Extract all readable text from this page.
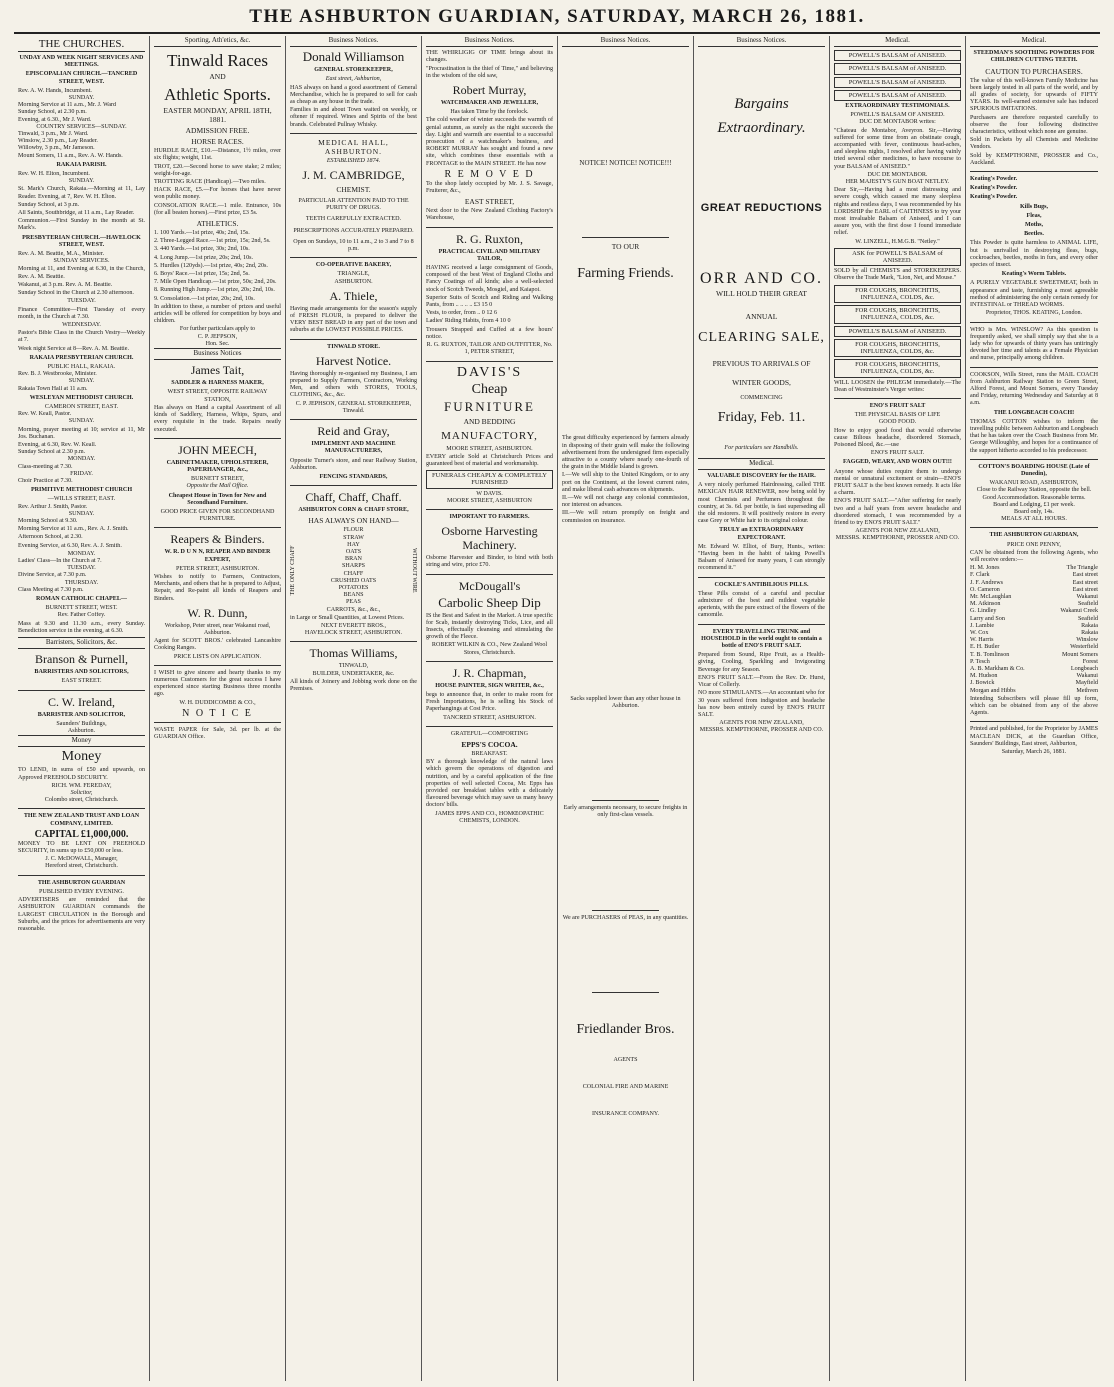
THE ASHBURTON GUARDIAN, SATURDAY, MARCH 26, 1881.
THE CHURCHES.
UNDAY AND WEEK NIGHT SERVICES AND MEETINGS.
EPISCOPALIAN CHURCH.—TANCRED STREET, WEST.
Rev. A. W. Hands, Incumbent.
SUNDAY.
Morning Service at 11 a.m., Mr. J. Ward
Sunday School, at 2.30 p.m.
Evening, at 6.30., Mr J. Ward.
COUNTRY SERVICES—SUNDAY.
Tinwald, 3 p.m., Mr J. Ward.
Winslow, 2.30 p.m., Lay Reader.
Willowby, 3 p.m., Mr Jameson.
Mount Somers, 11 a.m., Rev. A. W. Hands.
RAKAIA PARISH.
Rev. W. H. Elton, Incumbent.
SUNDAY.
St. Mark's Church, Rakaia.—Morning at 11, Lay Reader. Evening, at 7, Rev. W. H. Elton.
Sunday School, at 3 p.m.
All Saints, Southbridge, at 11 a.m., Lay Reader.
Communion.—First Sunday in the month at St. Mark's.
PRESBYTERIAN CHURCH.—HAVELOCK STREET, WEST.
Rev. A. M. Beattie, M.A., Minister.
SUNDAY SERVICES.
Morning at 11, and Evening at 6.30, in the Church, Rev. A. M. Beattie.
Wakanui, at 3 p.m. Rev. A. M. Beattie.
Sunday School in the Church at 2.30 afternoon.
TUESDAY.
Finance Committee—First Tuesday of every month, in the Church at 7.30.
WEDNESDAY.
Pastor's Bible Class in the Church Vestry—Weekly at 7.
Week night Service at 8—Rev. A. M. Beattie.
RAKAIA PRESBYTERIAN CHURCH.
PUBLIC HALL, RAKAIA.
Rev. B. J. Westbrooke, Minister.
SUNDAY.
Rakaia Town Hall at 11 a.m.
WESLEYAN METHODIST CHURCH.
CAMERON STREET, EAST.
Rev. W. Keall, Pastor.
SUNDAY.
Morning, prayer meeting at 10; service at 11, Mr Jos. Buchanan.
Evening, at 6.30, Rev. W. Keall.
Sunday School at 2.30 p.m.
MONDAY.
Class-meeting at 7.30.
FRIDAY.
Choir Practice at 7.30.
PRIMITIVE METHODIST CHURCH
—WILLS STREET, EAST.
Rev. Arthur J. Smith, Pastor.
SUNDAY.
Morning School at 9.30.
Morning Service at 11 a.m., Rev. A. J. Smith.
Afternoon School, at 2.30.
Evening Service, at 6.30, Rev. A. J. Smith.
MONDAY.
Ladies' Class—In the Church at 7.
TUESDAY.
Divine Service, at 7.30 p.m.
THURSDAY.
Class Meeting at 7.30 p.m.
ROMAN CATHOLIC CHAPEL—
BURNETT STREET, WEST.
Rev. Father Coffey.
Mass at 9.30 and 11.30 a.m., every Sunday. Benediction service in the evening, at 6.30.
Barristers, Solicitors, &c.
Branson & Purnell,
BARRISTERS AND SOLICITORS,
EAST STREET.
C. W. Ireland,
BARRISTER AND SOLICITOR,
Saunders' Buildings,
Ashburton.
Money
Money
TO LEND, in sums of £50 and upwards, on Approved FREEHOLD SECURITY.
RICH. WM. FEREDAY,
Solicitor,
Colombo street, Christchurch.
THE NEW ZEALAND TRUST AND LOAN COMPANY, LIMITED.
CAPITAL £1,000,000.
MONEY TO BE LENT ON FREEHOLD SECURITY, in sums up to £50,000 or less.
J. C. McDOWALL, Manager,
Hereford street, Christchurch.
THE ASHBURTON GUARDIAN
PUBLISHED EVERY EVENING.
ADVERTISERS are reminded that the ASHBURTON GUARDIAN commands the LARGEST CIRCULATION in the Borough and Suburbs, and the prices for advertisements are very reasonable.
Sporting, Ath'etics, &c.
Tinwald Races
AND
Athletic Sports.
EASTER MONDAY, APRIL 18TH, 1881.
ADMISSION FREE.
HORSE RACES.
HURDLE RACE, £10.—Distance, 1½ miles, over six flights; weight, 11st.
TROT, £20.—Second horse to save stake; 2 miles; weight-for-age.
TROTTING RACE (Handicap).—Two miles.
HACK RACE, £5.—For horses that have never won public money.
CONSOLATION RACE.—1 mile. Entrance, 10s (for all beaten horses).—First prize, £3 5s.
ATHLETICS.
1. 100 Yards.—1st prize, 40s; 2nd, 15s.
2. Three-Legged Race.—1st prize, 15s; 2nd, 5s.
3. 440 Yards.—1st prize, 30s; 2nd, 10s.
4. Long Jump.—1st prize, 20s; 2nd, 10s.
5. Hurdles (120yds).—1st prize, 40s; 2nd, 20s.
6. Boys' Race.—1st prize, 15s; 2nd, 5s.
7. Mile Open Handicap.—1st prize, 50s; 2nd, 20s.
8. Running High Jump.—1st prize, 20s; 2nd, 10s.
9. Consolation.—1st prize, 20s; 2nd, 10s.
In addition to these, a number of prizes and useful articles will be offered for competition by boys and children.
For further particulars apply to
C. P. JEFPSON,
Hon. Sec.
Business Notices
James Tait,
SADDLER & HARNESS MAKER,
WEST STREET, OPPOSITE RAILWAY STATION,
Has always on Hand a capital Assortment of all kinds of Saddlery, Harness, Whips, Spurs, and every requisite in the trade. Repairs neatly executed.
JOHN MEECH,
CABINETMAKER, UPHOLSTERER, PAPERHANGER, &c.,
BURNETT STREET,
Opposite the Mail Office.
Cheapest House in Town for New and Secondhand Furniture.
GOOD PRICE GIVEN FOR SECONDHAND FURNITURE.
Reapers & Binders.
W. R. D U N N, REAPER AND BINDER EXPERT,
PETER STREET, ASHBURTON.
Wishes to notify to Farmers, Contractors, Merchants, and others that he is prepared to Adjust, Repair, and Re-paint all kinds of Reapers and Binders.
W. R. Dunn,
Workshop, Peter street, near Wakanui road, Ashburton.
Agent for SCOTT BROS.' celebrated Lancashire Cooking Ranges.
PRICE LISTS ON APPLICATION.
I WISH to give sincere and hearty thanks to my numerous Customers for the great success I have experienced since starting Business three months ago.
W. H. DUDDICOMBE & CO.,
N O T I C E
WASTE PAPER for Sale, 3d. per lb. at the GUARDIAN Office.
Business Notices.
Donald Williamson
GENERAL STOREKEEPER,
East street, Ashburton,
HAS always on hand a good assortment of General Merchandise, which he is prepared to sell for cash as cheap as any house in the trade.
Families in and about Town waited on weekly, or oftener if required. Wines and Spirits of the best brands. Celebrated Pullnay Whisky.
MEDICAL HALL, ASHBURTON.
ESTABLISHED 1874.
J. M. CAMBRIDGE,
CHEMIST.
PARTICULAR ATTENTION PAID TO THE PURITY OF DRUGS.
TEETH CAREFULLY EXTRACTED.
PRESCRIPTIONS ACCURATELY PREPARED.
Open on Sundays, 10 to 11 a.m., 2 to 3 and 7 to 8 p.m.
CO-OPERATIVE BAKERY,
TRIANGLE,
ASHBURTON.
A. Thiele,
Having made arrangements for the season's supply of FRESH FLOUR, is prepared to deliver the VERY BEST BREAD in any part of the town and suburbs at the LOWEST POSSIBLE PRICES.
TINWALD STORE.
Harvest Notice.
Having thoroughly re-organised my Business, I am prepared to Supply Farmers, Contractors, Working Men, and others with STORES, TOOLS, CLOTHING, &c., &c.
C. P. JEPHSON, GENERAL STOREKEEPER, Tinwald.
Reid and Gray,
IMPLEMENT AND MACHINE MANUFACTURERS,
Opposite Turner's store, and near Railway Station, Ashburton.
FENCING STANDARDS,
Chaff, Chaff, Chaff.
ASHBURTON CORN & CHAFF STORE,
HAS ALWAYS ON HAND—
THE ONLY CHAFF
FLOUR
STRAW
HAY
OATS
BRAN
SHARPS
CHAFF
CRUSHED OATS
POTATOES
BEANS
PEAS
CARROTS, &c., &c.,
WITHOUT WIRE
in Large or Small Quantities, at Lowest Prices.
NEXT EVERETT BROS.,
HAVELOCK STREET, ASHBURTON.
Thomas Williams,
TINWALD,
BUILDER, UNDERTAKER, &c.
All kinds of Joinery and Jobbing work done on the Premises.
Business Notices.
THE WHIRLIGIG OF TIME brings about its changes.
"Procrastination is the thief of Time," and believing in the wisdom of the old saw,
Robert Murray,
WATCHMAKER AND JEWELLER,
Has taken Time by the forelock.
The cold weather of winter succeeds the warmth of genial autumn, as surely as the night succeeds the day. Light and warmth are essential to a successful prosecution of a watchmaker's business, and ROBERT MURRAY has sought and found a new site, which combines these essentials with a FRONTAGE to the MAIN STREET. He has now
R E M O V E D
To the shop lately occupied by Mr. J. S. Savage, Fruiterer, &c.,
EAST STREET,
Next door to the New Zealand Clothing Factory's Warehouse,
R. G. Ruxton,
PRACTICAL CIVIL AND MILITARY TAILOR,
HAVING received a large consignment of Goods, composed of the best West of England Cloths and Fancy Coatings of all kinds; also a well-selected stock of Scotch Tweeds, Mosgiel, and Kaiapoi.
Superior Suits of Scotch and Riding and Walking Pants, from .. .. .. .. £3 15 0
Vests, to order, from .. 0 12 6
Ladies' Riding Habits, from 4 10 0
Trousers Strapped and Cuffed at a few hours' notice.
R. G. RUXTON, TAILOR AND OUTFITTER, No. 1, PETER STREET,
DAVIS'S
Cheap
FURNITURE
AND BEDDING
MANUFACTORY,
MOORE STREET, ASHBURTON.
EVERY article Sold at Christchurch Prices and guaranteed best of material and workmanship.
FUNERALS CHEAPLY & COMPLETELY FURNISHED
W DAVIS.
MOORE STREET, ASHBURTON
IMPORTANT TO FARMERS.
Osborne Harvesting Machinery.
Osborne Harvester and Binder, to bind with both string and wire, price £70.
McDougall's
Carbolic Sheep Dip
IS the Best and Safest in the Market. A true specific for Scab, instantly destroying Ticks, Lice, and all Insects, effectually cleansing and stimulating the growth of the Fleece.
ROBERT WILKIN & CO., New Zealand Wool Stores, Christchurch.
J. R. Chapman,
HOUSE PAINTER, SIGN WRITER, &c.,
begs to announce that, in order to make room for Fresh Importations, he is selling his Stock of Paperhangings at Cost Price.
TANCRED STREET, ASHBURTON.
GRATEFUL—COMFORTING
EPPS'S COCOA.
BREAKFAST.
BY a thorough knowledge of the natural laws which govern the operations of digestion and nutrition, and by a careful application of the fine properties of well selected Cocoa, Mr. Epps has provided our breakfast tables with a delicately flavoured beverage which may save us many heavy doctors' bills.
JAMES EPPS AND CO., HOMŒOPATHIC CHEMISTS, LONDON.
Business Notices.
NOTICE! NOTICE! NOTICE!!!
TO OUR
Farming Friends.
The great difficulty experienced by farmers already in disposing of their grain will make the following advertisement from the undersigned firm especially attractive to a county where nearly one-fourth of the grain in the Middle Island is grown.
I.—We will ship to the United Kingdom, or to any port on the Continent, at the lowest current rates, and make liberal cash advances on shipments.
II.—We will not charge any colonial commission, nor interest on advances.
III.—We will return promptly on freight and commission on insurance.
Sacks supplied lower than any other house in Ashburton.
Early arrangements necessary, to secure freights in only first-class vessels.
We are PURCHASERS of PEAS, in any quantities.
Friedlander Bros.
AGENTS
COLONIAL FIRE AND MARINE
INSURANCE COMPANY.
Business Notices.
Bargains
Extraordinary.
GREAT REDUCTIONS
ORR AND CO.
WILL HOLD THEIR GREAT
ANNUAL
CLEARING SALE,
PREVIOUS TO ARRIVALS OF
WINTER GOODS,
COMMENCING
Friday, Feb. 11.
For particulars see Handbills.
Medical.
VALUABLE DISCOVERY for the HAIR.
A very nicely perfumed Hairdressing, called THE MEXICAN HAIR RENEWER, now being sold by most Chemists and Perfumers throughout the country, at 3s. 6d. per bottle, is fast superseding all the old restorers. It will positively restore in every case Grey or White hair to its original colour.
TRULY an EXTRAORDINARY EXPECTORANT.
Mr. Edward W. Elliot, of Bury, Hunts., writes: "Having been in the habit of taking Powell's Balsam of Aniseed for many years, I can strongly recommend it."
COCKLE'S ANTIBILIOUS PILLS.
These Pills consist of a careful and peculiar admixture of the best and mildest vegetable aperients, with the pure extract of the flowers of the camomile.
EVERY TRAVELLING TRUNK and HOUSEHOLD in the world ought to contain a bottle of ENO'S FRUIT SALT.
Prepared from Sound, Ripe Fruit, as a Health-giving, Cooling, Sparkling and Invigorating Beverage for any Season.
ENO'S FRUIT SALT.—From the Rev. Dr. Hurst, Vicar of Collerly.
NO more STIMULANTS.—An accountant who for 30 years suffered from indigestion and headache has now been entirely cured by ENO'S FRUIT SALT.
AGENTS FOR NEW ZEALAND,
MESSRS. KEMPTHORNE, PROSSER AND CO.
Medical.
POWELL'S BALSAM of ANISEED.
POWELL'S BALSAM of ANISEED.
POWELL'S BALSAM of ANISEED.
POWELL'S BALSAM of ANISEED.
EXTRAORDINARY TESTIMONIALS.
POWELL'S BALSAM OF ANISEED.
DUC DE MONTABOR writes:
"Chateau de Montabor, Aveyron. Sir,—Having suffered for some time from an obstinate cough, accompanied with fever, continuous head-aches, and sleepless nights, I resolved after having vainly tried several other medicines, to have recourse to your BALSAM of ANISEED."
DUC DE MONTABOR.
HER MAJESTY'S GUN BOAT NETLEY.
Dear Sir,—Having had a most distressing and severe cough, which caused me many sleepless nights and restless days, I was recommended by his LORDSHIP the EARL of CAITHNESS to try your most invaluable Balsam of Aniseed, and I can assure you, with the first dose I found immediate relief.
W. LINZELL, H.M.G.B. "Netley."
ASK for POWELL'S BALSAM of ANISEED.
SOLD by all CHEMISTS and STOREKEEPERS. Observe the Trade Mark, "Lion, Net, and Mouse."
FOR COUGHS, BRONCHITIS, INFLUENZA, COLDS, &c.
FOR COUGHS, BRONCHITIS, INFLUENZA, COLDS, &c.
POWELL'S BALSAM of ANISEED.
FOR COUGHS, BRONCHITIS, INFLUENZA, COLDS, &c.
FOR COUGHS, BRONCHITIS, INFLUENZA, COLDS, &c.
WILL LOOSEN the PHLEGM immediately.—The Dean of Westminster's Verger writes:
ENO'S FRUIT SALT
THE PHYSICAL BASIS OF LIFE
GOOD FOOD.
How to enjoy good food that would otherwise cause Bilious headache, disordered Stomach, Poisoned Blood, &c.—use
ENO'S FRUIT SALT.
FAGGED, WEARY, AND WORN OUT!!!
Anyone whose duties require them to undergo mental or unnatural excitement or strain—ENO'S FRUIT SALT is the best known remedy. It acts like a charm.
ENO'S FRUIT SALT.—"After suffering for nearly two and a half years from severe headache and disordered stomach, I was recommended by a friend to try ENO'S FRUIT SALT."
AGENTS FOR NEW ZEALAND,
MESSRS. KEMPTHORNE, PROSSER AND CO.
Medical.
STEEDMAN'S SOOTHING POWDERS FOR CHILDREN CUTTING TEETH.
CAUTION TO PURCHASERS.
The value of this well-known Family Medicine has been largely tested in all parts of the world, and by all grades of society, for upwards of FIFTY YEARS. Its well-earned extensive sale has induced SPURIOUS IMITATIONS.
Purchasers are therefore requested carefully to observe the four following distinctive characteristics, without which none are genuine.
Sold in Packets by all Chemists and Medicine Vendors.
Sold by KEMPTHORNE, PROSSER and Co., Auckland.
Keating's Powder.
Keating's Powder.
Keating's Powder.
Kills Bugs,
Fleas,
Moths,
Beetles.
This Powder is quite harmless to ANIMAL LIFE, but is unrivalled in destroying fleas, bugs, cockroaches, beetles, moths in furs, and every other species of insect.
Keating's Worm Tablets.
A PURELY VEGETABLE SWEETMEAT, both in appearance and taste, furnishing a most agreeable method of administering the only certain remedy for INTESTINAL or THREAD WORMS.
Proprietor, THOS. KEATING, London.
WHO is Mrs. WINSLOW? As this question is frequently asked, we shall simply say that she is a lady who for upwards of thirty years has untiringly devoted her time and talents as a Female Physician and nurse, principally among children.
COOKSON, Wills Street, runs the MAIL COACH from Ashburton Railway Station to Green Street, Alford Forest, and Mount Somers, every Tuesday and Friday, returning Wednesday and Saturday at 8 a.m.
THE LONGBEACH COACH!
THOMAS COTTON wishes to inform the travelling public between Ashburton and Longbeach that he has taken over the Coach Business from Mr. George Willoughby, and hopes for a continuance of the support hitherto accorded to his predecessor.
COTTON'S BOARDING HOUSE (Late of Dunedin),
WAKANUI ROAD, ASHBURTON,
Close to the Railway Station, opposite the bell.
Good Accommodation. Reasonable terms.
Board and Lodging, £1 per week.
Board only, 14s.
MEALS AT ALL HOURS.
THE ASHBURTON GUARDIAN,
PRICE ONE PENNY,
CAN be obtained from the following Agents, who will receive orders:—
H. M. Jones	The Triangle
F. Clark	East street
J. F. Andrews	East street
O. Cameron	East street
Mr. McLaughlan	Wakanui
M. Atkinson	Seafield
G. Lindley	Wakanui Creek
Larry and Son	Seafield
J. Lambie	Rakaia
W. Cox	Rakaia
W. Harris	Winslow
E. H. Butler	Westerfield
T. B. Tomlinson	Mount Somers
P. Tesch	Forest
A. B. Markham & Co.	Longbeach
M. Hudson	Wakanui
J. Bowick	Mayfield
Morgan and Hibbs	Methven
Intending Subscribers will please fill up form, which can be obtained from any of the above Agents.
Printed and published, for the Proprietor by JAMES MACLEAN DICK, at the Guardian Office, Saunders' Buildings, East street, Ashburton,
Saturday, March 26, 1881.
